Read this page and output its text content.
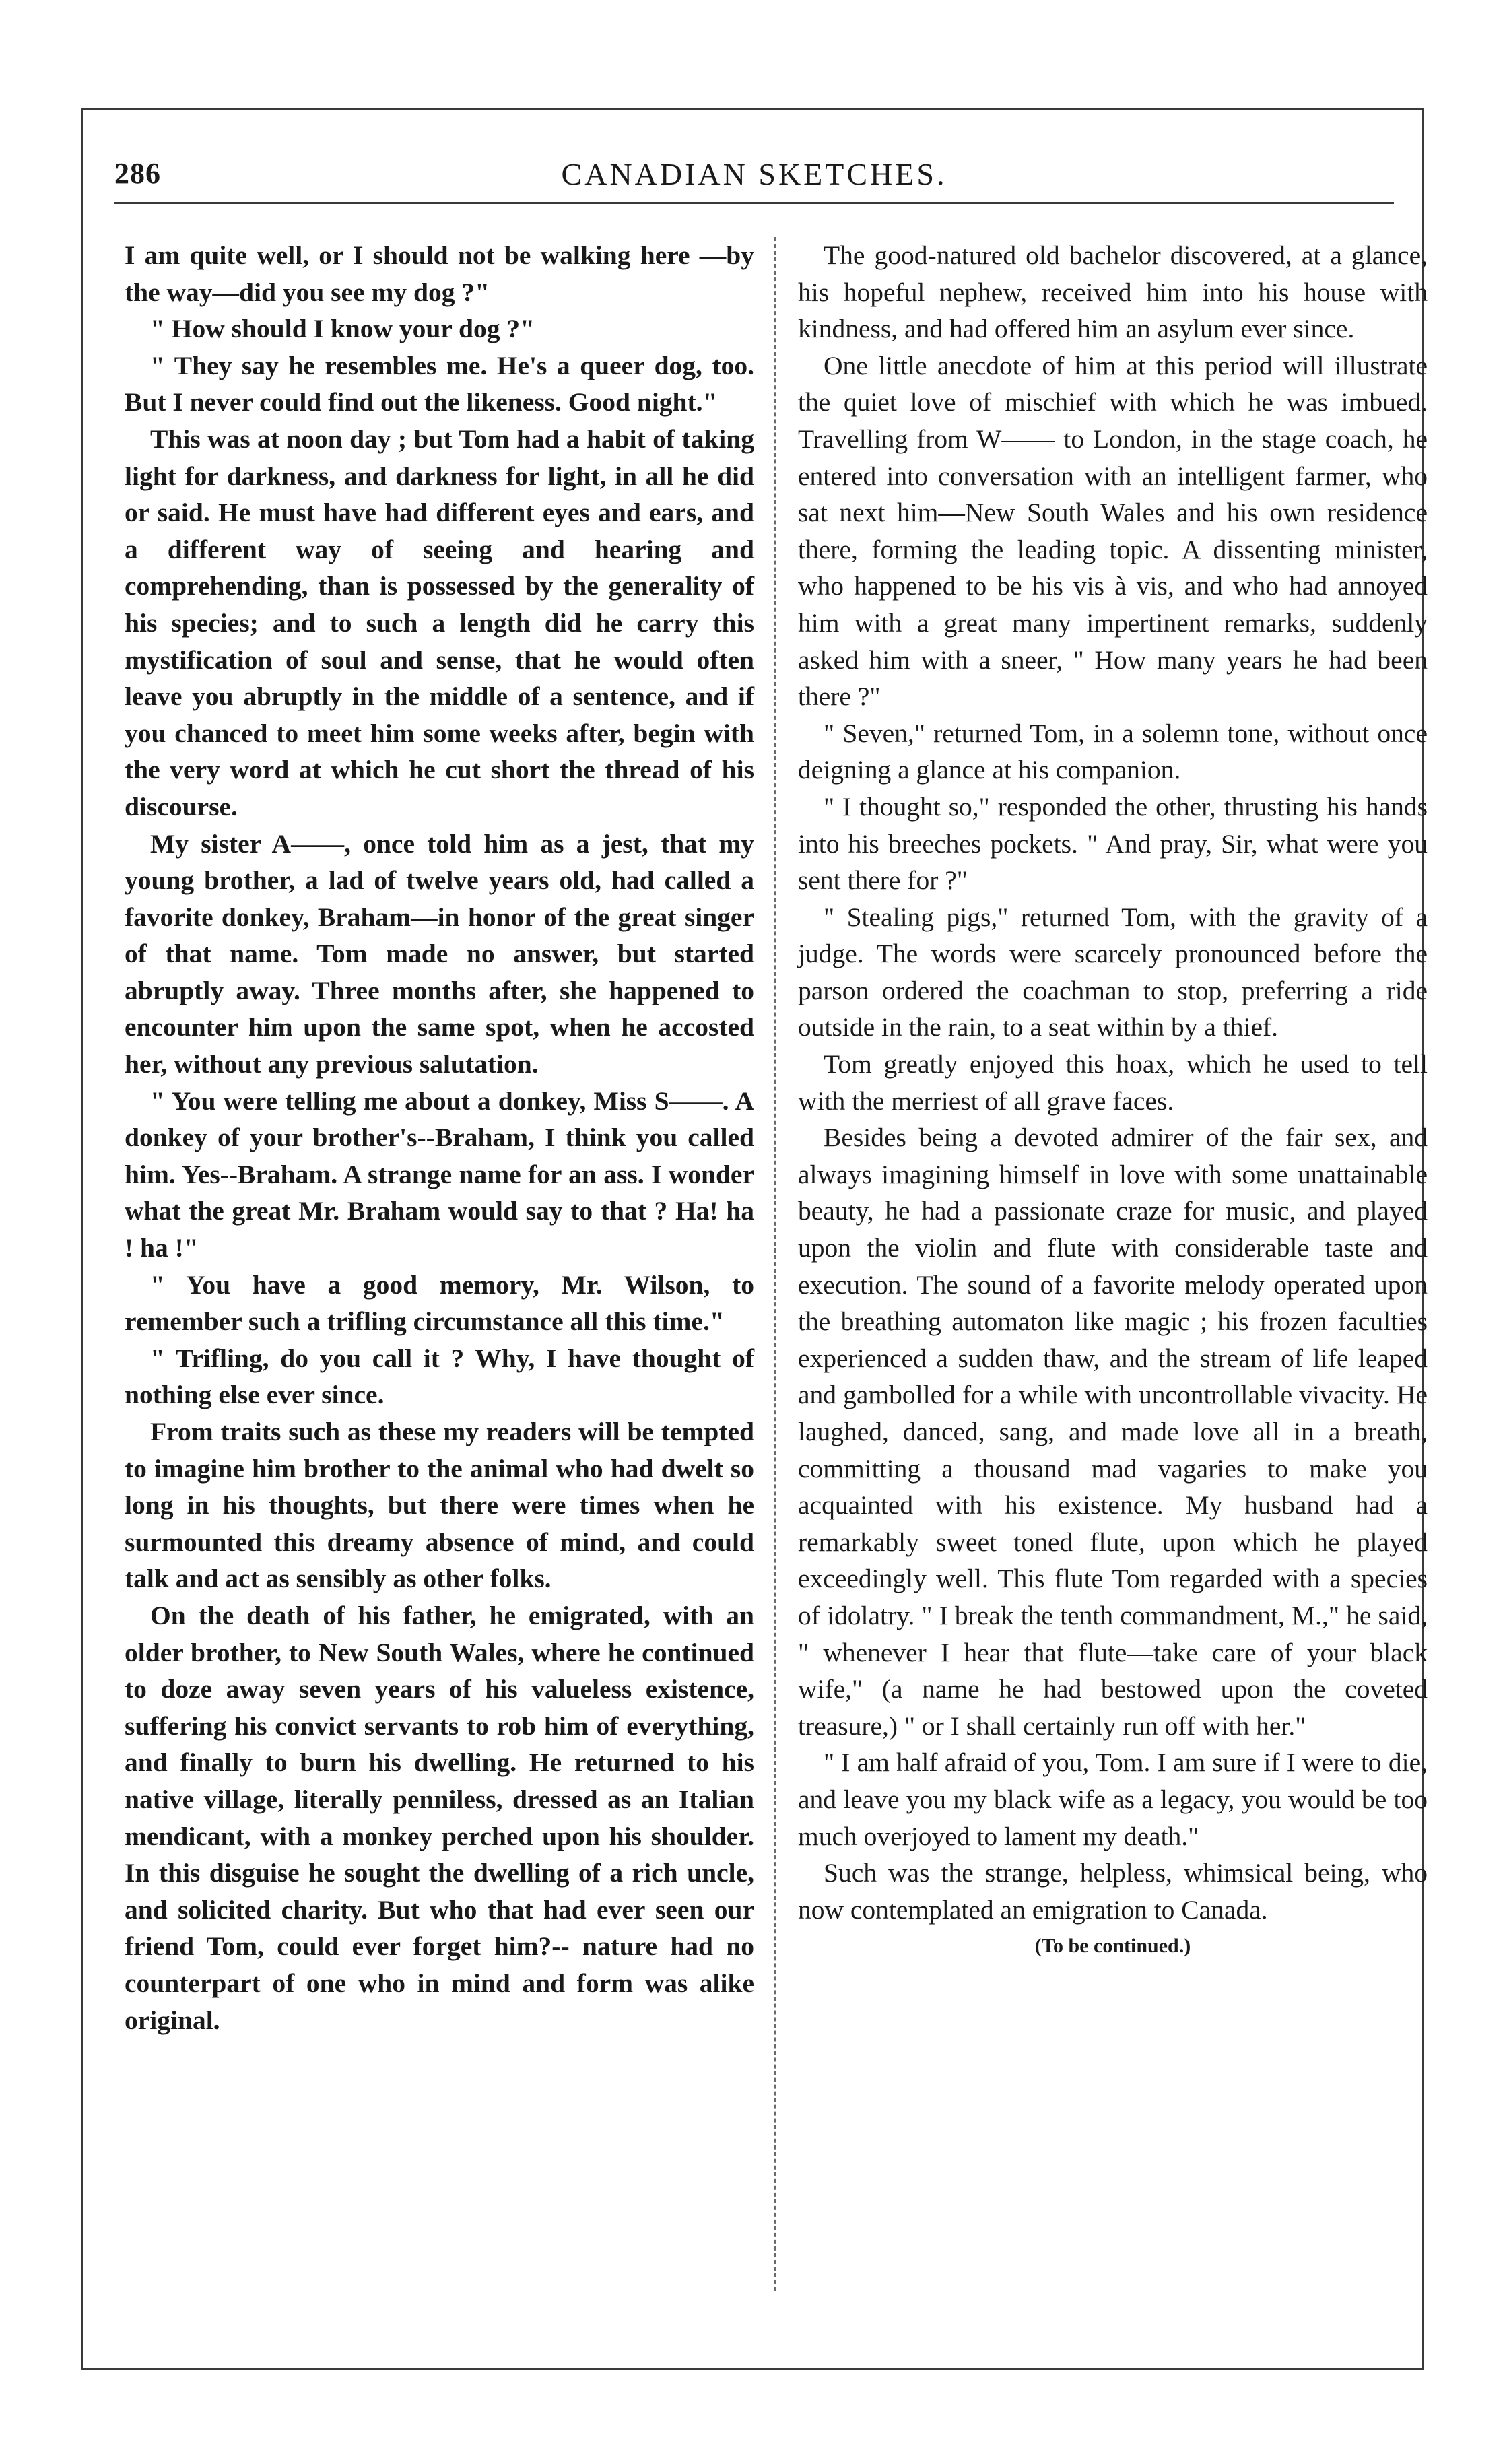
286	CANADIAN SKETCHES.

I am quite well, or I should not be walking here —by the way—did you see my dog ?"

" How should I know your dog ?"

" They say he resembles me. He's a queer dog, too. But I never could find out the likeness. Good night."

This was at noon day ; but Tom had a habit of taking light for darkness, and darkness for light, in all he did or said. He must have had different eyes and ears, and a different way of seeing and hearing and comprehending, than is possessed by the generality of his species; and to such a length did he carry this mystification of soul and sense, that he would often leave you abruptly in the middle of a sentence, and if you chanced to meet him some weeks after, begin with the very word at which he cut short the thread of his discourse.

My sister A——, once told him as a jest, that my young brother, a lad of twelve years old, had called a favorite donkey, Braham—in honor of the great singer of that name. Tom made no answer, but started abruptly away. Three months after, she happened to encounter him upon the same spot, when he accosted her, without any previous salutation.

" You were telling me about a donkey, Miss S——. A donkey of your brother's--Braham, I think you called him. Yes--Braham. A strange name for an ass. I wonder what the great Mr. Braham would say to that ? Ha! ha ! ha !"

" You have a good memory, Mr. Wilson, to remember such a trifling circumstance all this time."

" Trifling, do you call it ? Why, I have thought of nothing else ever since.

From traits such as these my readers will be tempted to imagine him brother to the animal who had dwelt so long in his thoughts, but there were times when he surmounted this dreamy absence of mind, and could talk and act as sensibly as other folks.

On the death of his father, he emigrated, with an older brother, to New South Wales, where he continued to doze away seven years of his valueless existence, suffering his convict servants to rob him of everything, and finally to burn his dwelling. He returned to his native village, literally penniless, dressed as an Italian mendicant, with a monkey perched upon his shoulder. In this disguise he sought the dwelling of a rich uncle, and solicited charity. But who that had ever seen our friend Tom, could ever forget him?-- nature had no counterpart of one who in mind and form was alike original.

The good-natured old bachelor discovered, at a glance, his hopeful nephew, received him into his house with kindness, and had offered him an asylum ever since.

One little anecdote of him at this period will illustrate the quiet love of mischief with which he was imbued. Travelling from W—— to London, in the stage coach, he entered into conversation with an intelligent farmer, who sat next him—New South Wales and his own residence there, forming the leading topic. A dissenting minister, who happened to be his vis à vis, and who had annoyed him with a great many impertinent remarks, suddenly asked him with a sneer, " How many years he had been there ?"

" Seven," returned Tom, in a solemn tone, without once deigning a glance at his companion.

" I thought so," responded the other, thrusting his hands into his breeches pockets. " And pray, Sir, what were you sent there for ?"

" Stealing pigs," returned Tom, with the gravity of a judge. The words were scarcely pronounced before the parson ordered the coachman to stop, preferring a ride outside in the rain, to a seat within by a thief.

Tom greatly enjoyed this hoax, which he used to tell with the merriest of all grave faces.

Besides being a devoted admirer of the fair sex, and always imagining himself in love with some unattainable beauty, he had a passionate craze for music, and played upon the violin and flute with considerable taste and execution. The sound of a favorite melody operated upon the breathing automaton like magic ; his frozen faculties experienced a sudden thaw, and the stream of life leaped and gambolled for a while with uncontrollable vivacity. He laughed, danced, sang, and made love all in a breath, committing a thousand mad vagaries to make you acquainted with his existence. My husband had a remarkably sweet toned flute, upon which he played exceedingly well. This flute Tom regarded with a species of idolatry. " I break the tenth commandment, M.," he said, " whenever I hear that flute—take care of your black wife," (a name he had bestowed upon the coveted treasure,) " or I shall certainly run off with her."

" I am half afraid of you, Tom. I am sure if I were to die, and leave you my black wife as a legacy, you would be too much overjoyed to lament my death."

Such was the strange, helpless, whimsical being, who now contemplated an emigration to Canada.

(To be continued.)
